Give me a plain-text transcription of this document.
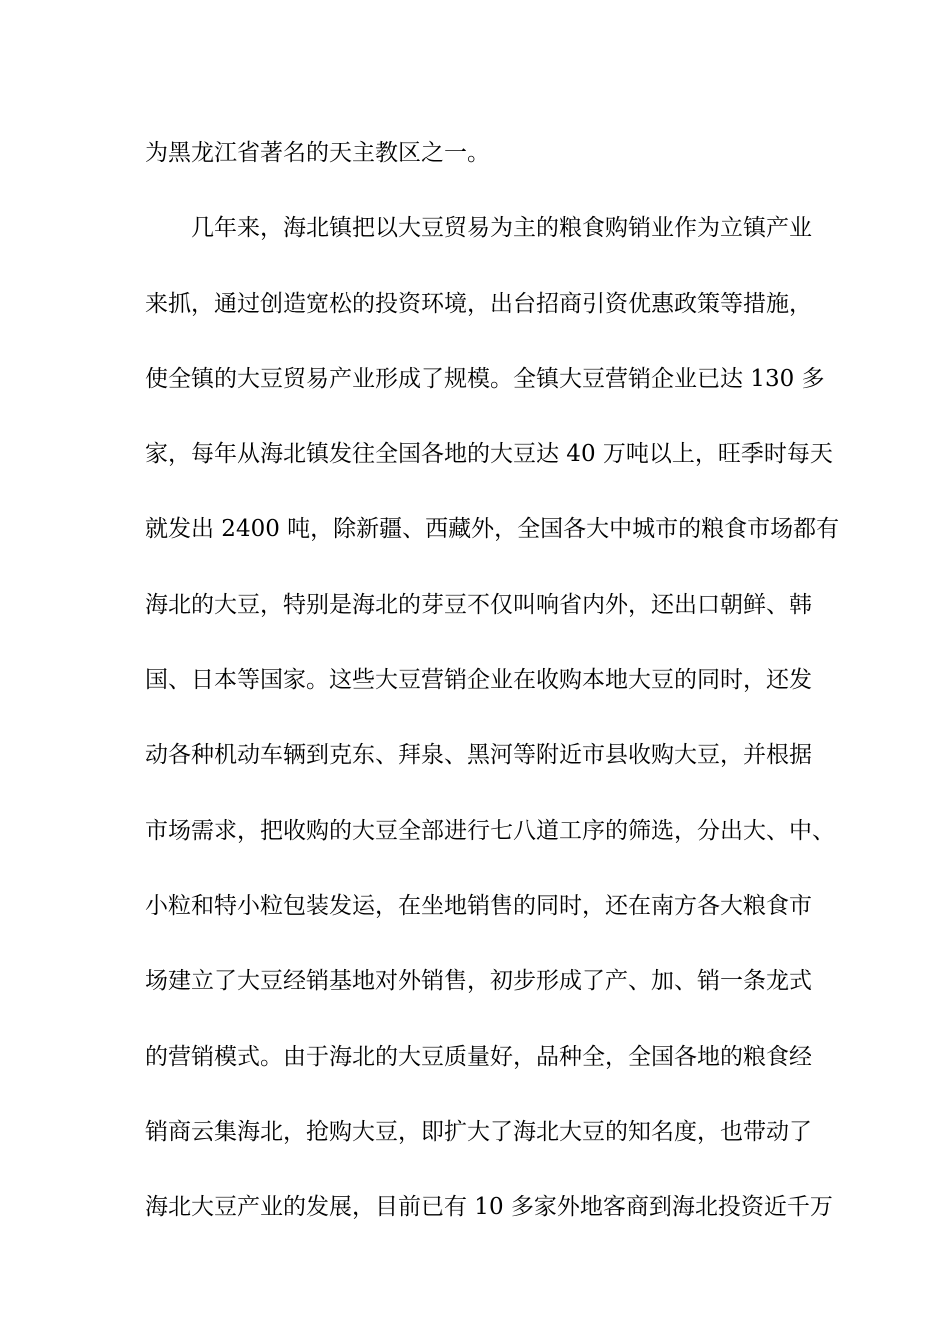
为黑龙江省著名的天主教区之一。
　　几年来，海北镇把以大豆贸易为主的粮食购销业作为立镇产业
来抓，通过创造宽松的投资环境，出台招商引资优惠政策等措施，
使全镇的大豆贸易产业形成了规模。全镇大豆营销企业已达 130 多
家，每年从海北镇发往全国各地的大豆达 40 万吨以上，旺季时每天
就发出 2400 吨，除新疆、西藏外，全国各大中城市的粮食市场都有
海北的大豆，特别是海北的芽豆不仅叫响省内外，还出口朝鲜、韩
国、日本等国家。这些大豆营销企业在收购本地大豆的同时，还发
动各种机动车辆到克东、拜泉、黑河等附近市县收购大豆，并根据
市场需求，把收购的大豆全部进行七八道工序的筛选，分出大、中、
小粒和特小粒包装发运，在坐地销售的同时，还在南方各大粮食市
场建立了大豆经销基地对外销售，初步形成了产、加、销一条龙式
的营销模式。由于海北的大豆质量好，品种全，全国各地的粮食经
销商云集海北，抢购大豆，即扩大了海北大豆的知名度，也带动了
海北大豆产业的发展，目前已有 10 多家外地客商到海北投资近千万
